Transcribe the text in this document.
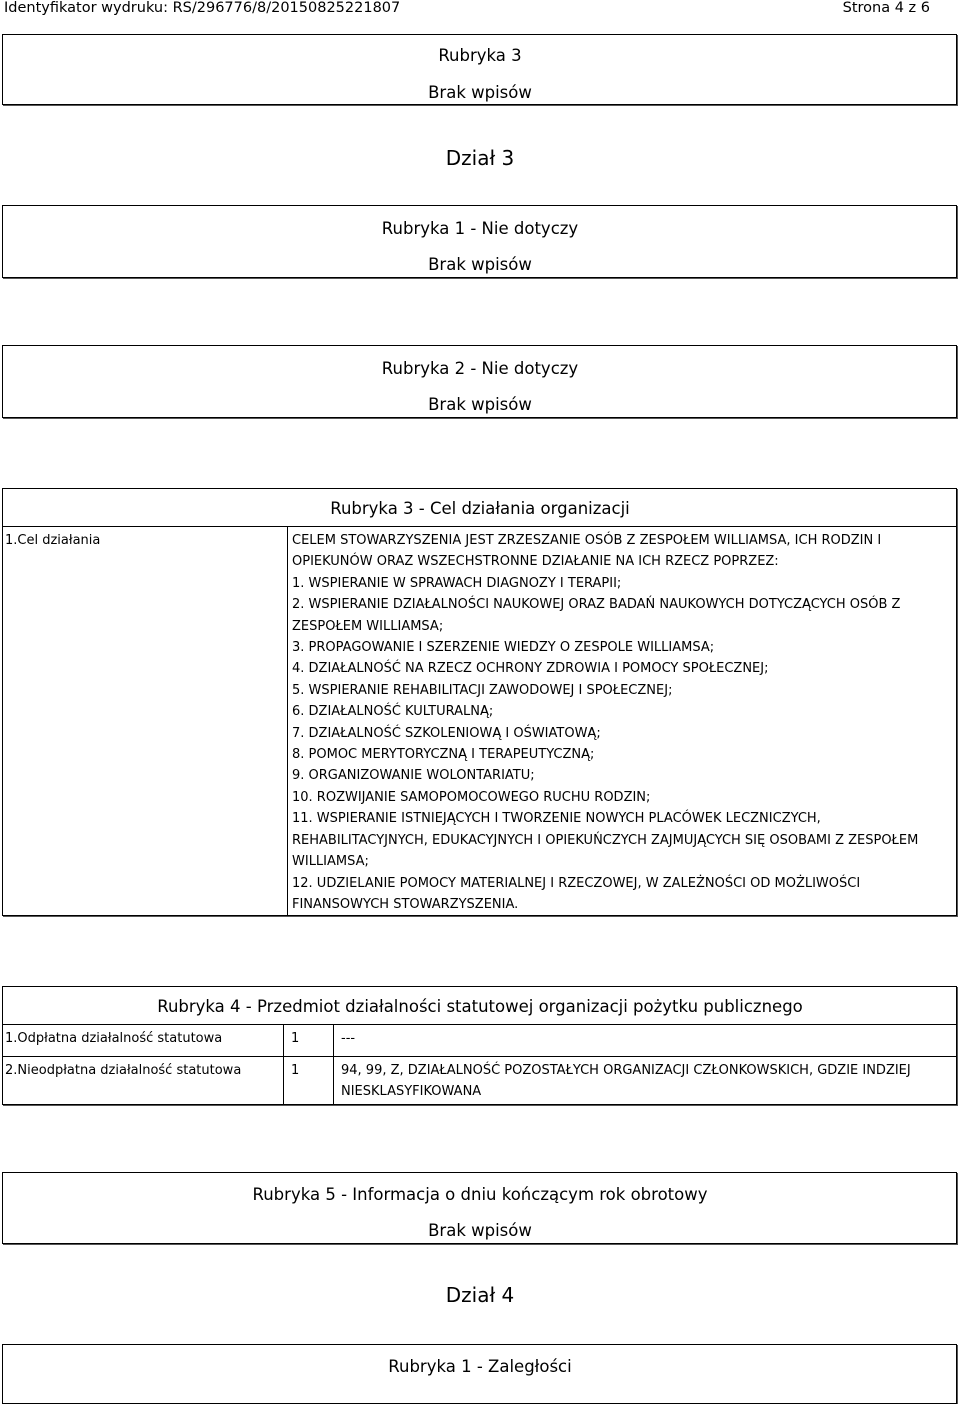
Identyfikator wydruku: RS/296776/8/20150825221807	Strona 4 z 6
Rubryka 3
Brak wpisów
Dział 3
Rubryka 1 - Nie dotyczy
Brak wpisów
Rubryka 2 - Nie dotyczy
Brak wpisów
Rubryka 3 - Cel działania organizacji
1.Cel działania	CELEM STOWARZYSZENIA JEST ZRZESZANIE OSÓB Z ZESPOŁEM WILLIAMSA, ICH RODZIN I
OPIEKUNÓW ORAZ WSZECHSTRONNE DZIAŁANIE NA ICH RZECZ POPRZEZ:
1. WSPIERANIE W SPRAWACH DIAGNOZY I TERAPII;
2. WSPIERANIE DZIAŁALNOŚCI NAUKOWEJ ORAZ BADAŃ NAUKOWYCH DOTYCZĄCYCH OSÓB Z
ZESPOŁEM WILLIAMSA;
3. PROPAGOWANIE I SZERZENIE WIEDZY O ZESPOLE WILLIAMSA;
4. DZIAŁALNOŚĆ NA RZECZ OCHRONY ZDROWIA I POMOCY SPOŁECZNEJ;
5. WSPIERANIE REHABILITACJI ZAWODOWEJ I SPOŁECZNEJ;
6. DZIAŁALNOŚĆ KULTURALNĄ;
7. DZIAŁALNOŚĆ SZKOLENIOWĄ I OŚWIATOWĄ;
8. POMOC MERYTORYCZNĄ I TERAPEUTYCZNĄ;
9. ORGANIZOWANIE WOLONTARIATU;
10. ROZWIJANIE SAMOPOMOCOWEGO RUCHU RODZIN;
11. WSPIERANIE ISTNIEJĄCYCH I TWORZENIE NOWYCH PLACÓWEK LECZNICZYCH,
REHABILITACYJNYCH, EDUKACYJNYCH I OPIEKUŃCZYCH ZAJMUJĄCYCH SIĘ OSOBAMI Z ZESPOŁEM
WILLIAMSA;
12. UDZIELANIE POMOCY MATERIALNEJ I RZECZOWEJ, W ZALEŻNOŚCI OD MOŻLIWOŚCI
FINANSOWYCH STOWARZYSZENIA.
Rubryka 4 - Przedmiot działalności statutowej organizacji pożytku publicznego
1.Odpłatna działalność statutowa	1	---
2.Nieodpłatna działalność statutowa	1	94, 99, Z, DZIAŁALNOŚĆ POZOSTAŁYCH ORGANIZACJI CZŁONKOWSKICH, GDZIE INDZIEJ
NIESKLASYFIKOWANA
Rubryka 5 - Informacja o dniu kończącym rok obrotowy
Brak wpisów
Dział 4
Rubryka 1 - Zaległości
